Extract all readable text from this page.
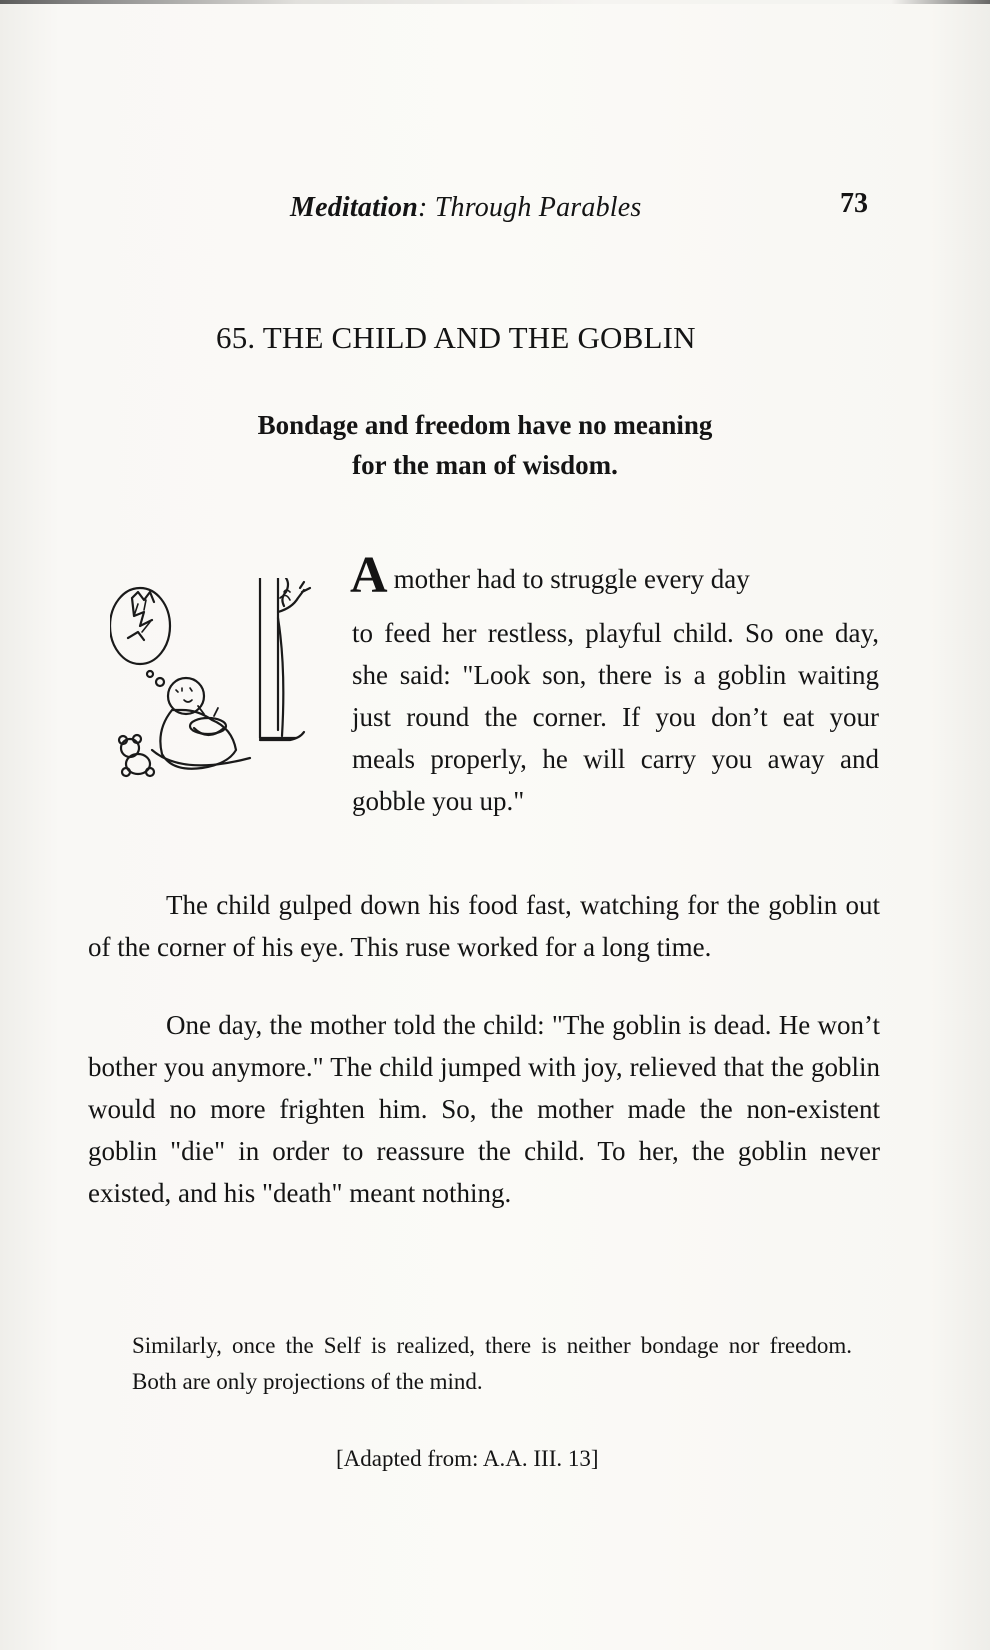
Meditation: Through Parables	73
65. THE CHILD AND THE GOBLIN
Bondage and freedom have no meaning
for the man of wisdom.
Amother had to struggle every day
to feed her restless, playful child. So one day, she said: "Look son, there is a goblin waiting just round the corner. If you don’t eat your meals properly, he will carry you away and gobble you up."
The child gulped down his food fast, watching for the goblin out of the corner of his eye. This ruse worked for a long time.
One day, the mother told the child: "The goblin is dead. He won’t bother you anymore." The child jumped with joy, relieved that the goblin would no more frighten him. So, the mother made the non-existent goblin "die" in order to reassure the child. To her, the goblin never existed, and his "death" meant nothing.
Similarly, once the Self is realized, there is neither bondage nor freedom. Both are only projections of the mind.
[Adapted from: A.A. III. 13]
